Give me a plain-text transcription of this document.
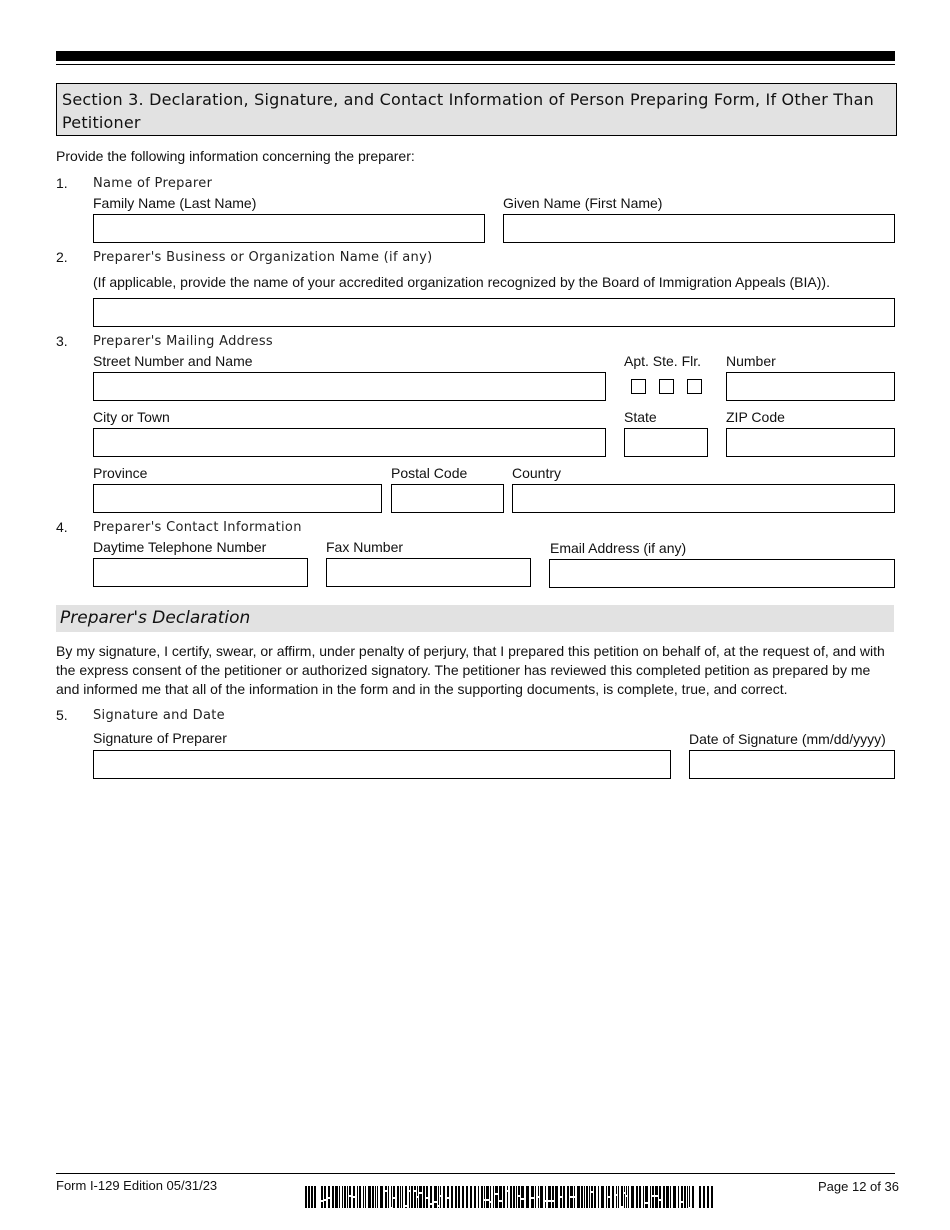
Section 3. Declaration, Signature, and Contact Information of Person Preparing Form, If Other Than Petitioner
Provide the following information concerning the preparer:
1. Name of Preparer
Family Name (Last Name)	Given Name (First Name)
2. Preparer's Business or Organization Name (if any)
(If applicable, provide the name of your accredited organization recognized by the Board of Immigration Appeals (BIA)).
3. Preparer's Mailing Address
Street Number and Name	Apt. Ste. Flr. Number
City or Town	State	ZIP Code
Province	Postal Code	Country
4. Preparer's Contact Information
Daytime Telephone Number	Fax Number	Email Address (if any)
Preparer's Declaration
By my signature, I certify, swear, or affirm, under penalty of perjury, that I prepared this petition on behalf of, at the request of, and with the express consent of the petitioner or authorized signatory. The petitioner has reviewed this completed petition as prepared by me and informed me that all of the information in the form and in the supporting documents, is complete, true, and correct.
5. Signature and Date
Signature of Preparer	Date of Signature (mm/dd/yyyy)
Form I-129 Edition 05/31/23	Page 12 of 36
